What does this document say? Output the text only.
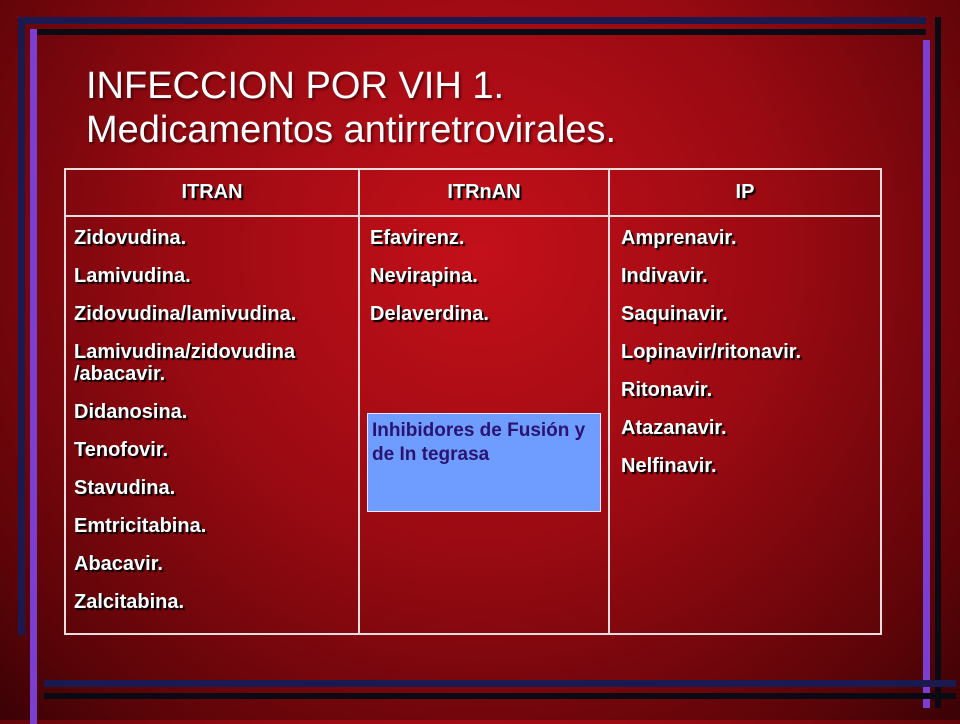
INFECCION POR VIH 1.
Medicamentos antirretrovirales.
ITRAN	ITRnAN	IP
Zidovudina.
Lamivudina.
Zidovudina/lamivudina.
Lamivudina/zidovudina /abacavir.
Didanosina.
Tenofovir.
Stavudina.
Emtricitabina.
Abacavir.
Zalcitabina.
Efavirenz.
Nevirapina.
Delaverdina.
Amprenavir.
Indivavir.
Saquinavir.
Lopinavir/ritonavir.
Ritonavir.
Atazanavir.
Nelfinavir.
Inhibidores de Fusión y de In tegrasa
